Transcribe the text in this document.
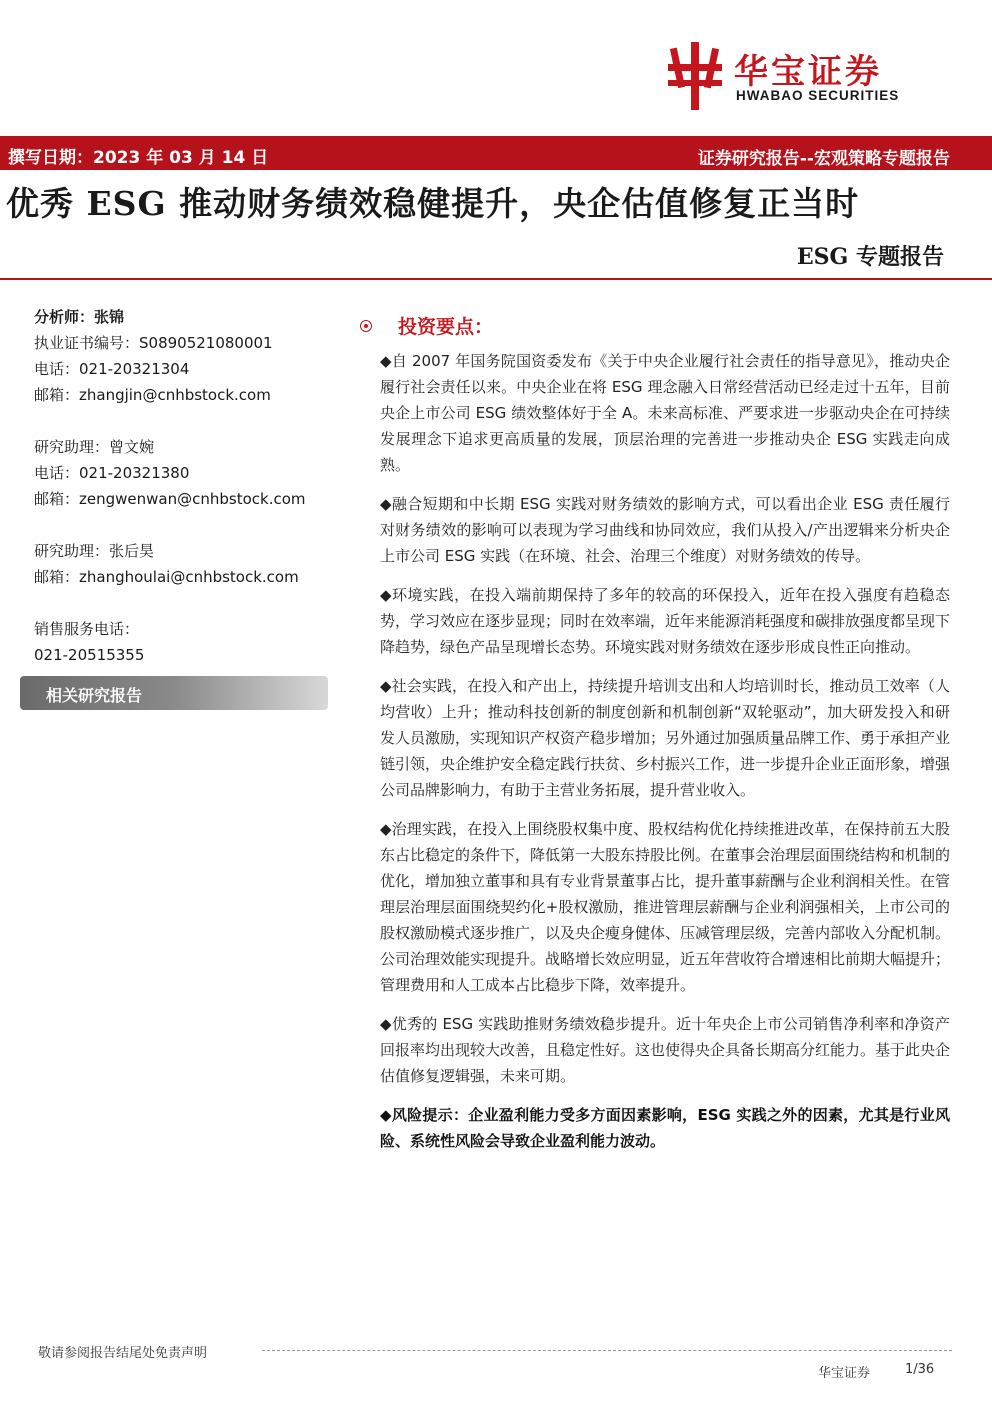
华宝证券
HWABAO SECURITIES
撰写日期：2023 年 03 月 14 日	证券研究报告--宏观策略专题报告
优秀 ESG 推动财务绩效稳健提升，央企估值修复正当时
ESG 专题报告
分析师：张锦
执业证书编号：S0890521080001
电话：021-20321304
邮箱：zhangjin@cnhbstock.com
研究助理：曾文婉
电话：021-20321380
邮箱：zengwenwan@cnhbstock.com
研究助理：张后昊
邮箱：zhanghoulai@cnhbstock.com
销售服务电话：
021-20515355
相关研究报告
投资要点：

◆自 2007 年国务院国资委发布《关于中央企业履行社会责任的指导意见》，推动央企履行社会责任以来。中央企业在将 ESG 理念融入日常经营活动已经走过十五年，目前央企上市公司 ESG 绩效整体好于全 A。未来高标准、严要求进一步驱动央企在可持续发展理念下追求更高质量的发展，顶层治理的完善进一步推动央企 ESG 实践走向成熟。

◆融合短期和中长期 ESG 实践对财务绩效的影响方式，可以看出企业 ESG 责任履行对财务绩效的影响可以表现为学习曲线和协同效应，我们从投入/产出逻辑来分析央企上市公司 ESG 实践（在环境、社会、治理三个维度）对财务绩效的传导。

◆环境实践，在投入端前期保持了多年的较高的环保投入，近年在投入强度有趋稳态势，学习效应在逐步显现；同时在效率端，近年来能源消耗强度和碳排放强度都呈现下降趋势，绿色产品呈现增长态势。环境实践对财务绩效在逐步形成良性正向推动。

◆社会实践，在投入和产出上，持续提升培训支出和人均培训时长，推动员工效率（人均营收）上升；推动科技创新的制度创新和机制创新“双轮驱动”，加大研发投入和研发人员激励，实现知识产权资产稳步增加；另外通过加强质量品牌工作、勇于承担产业链引领，央企维护安全稳定践行扶贫、乡村振兴工作，进一步提升企业正面形象，增强公司品牌影响力，有助于主营业务拓展，提升营业收入。

◆治理实践，在投入上围绕股权集中度、股权结构优化持续推进改革，在保持前五大股东占比稳定的条件下，降低第一大股东持股比例。在董事会治理层面围绕结构和机制的优化，增加独立董事和具有专业背景董事占比，提升董事薪酬与企业利润相关性。在管理层治理层面围绕契约化+股权激励，推进管理层薪酬与企业利润强相关，上市公司的股权激励模式逐步推广，以及央企瘦身健体、压减管理层级，完善内部收入分配机制。公司治理效能实现提升。战略增长效应明显，近五年营收符合增速相比前期大幅提升；管理费用和人工成本占比稳步下降，效率提升。

◆优秀的 ESG 实践助推财务绩效稳步提升。近十年央企上市公司销售净利率和净资产回报率均出现较大改善，且稳定性好。这也使得央企具备长期高分红能力。基于此央企估值修复逻辑强，未来可期。

◆风险提示：企业盈利能力受多方面因素影响，ESG 实践之外的因素，尤其是行业风险、系统性风险会导致企业盈利能力波动。

敬请参阅报告结尾处免责声明
华宝证券	1/36
